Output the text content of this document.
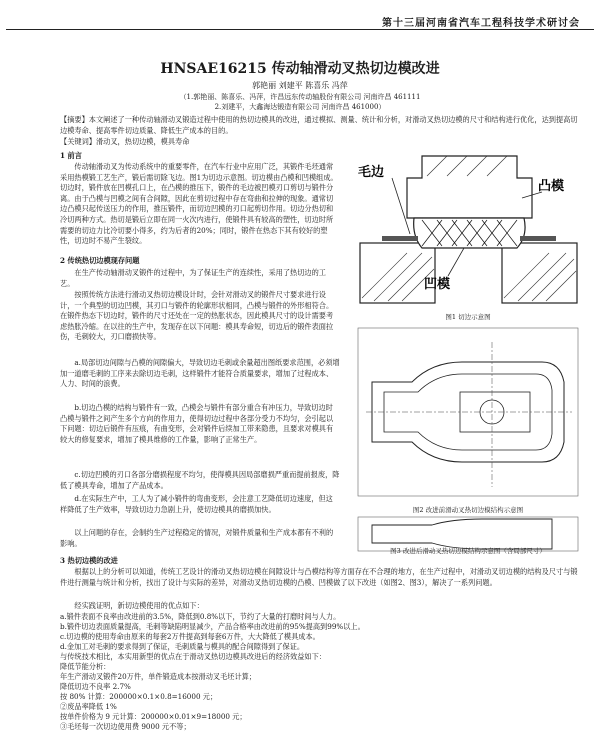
第十三届河南省汽车工程科技学术研讨会
HNSAE16215 传动轴滑动叉热切边模改进
郭艳丽 刘建平 陈喜乐 冯萍
（1.郭艳丽、陈喜乐、冯萍，许昌远东传动轴股份有限公司 河南许昌 461111
2.刘建平，大鑫海达锻造有限公司 河南许昌 461000）
【摘要】本文阐述了一种传动轴滑动叉锻造过程中使用的热切边模具的改进，通过模拟、测量、统计和分析，对滑动叉热切边模的尺寸和结构进行优化，达到提高切边模寿命、提高零件切边质量、降低生产成本的目的。
【关键词】滑动叉，热切边模，模具寿命
1 前言

传动轴滑动叉为传动系统中的重要零件，在汽车行业中应用广泛，其锻件毛坯通常采用热模锻工艺生产，锻后需切除飞边。图1为切边示意图。切边模由凸模和凹模组成。切边时，锻件放在凹模孔口上，在凸模的推压下，锻件的毛边被凹模刃口剪切与锻件分离。由于凸模与凹模之间有合间隙，因此在剪切过程中存在弯曲和拉伸的现象。通常切边凸模只起传送压力的作用，推压锻件，而切边凹模的刃口起剪切作用。切边分热切和冷切两种方式。热切是锻后立即在同一火次内进行，使锻件具有较高的塑性，切边时所需要的切边力比冷切要小得多，约为后者的20%；同时，锻件在热态下其有较好的塑性，切边时不易产生裂纹。

2 传统热切边模现存问题

在生产传动轴滑动叉锻件的过程中，为了保证生产的连续性，采用了热切边的工艺。

按照传统方法进行滑动叉热切边模设计时，会针对滑动叉的锻件尺寸要求进行设计，一个典型的切边凹模，其刃口与锻件的轮廓形状相同，凸模与锻件的外形相符合。在锻件热态下切边时，锻件的尺寸还处在一定的热胀状态，因此模具尺寸的设计需要考虑热胀冷缩。在以往的生产中，发现存在以下问题：模具寿命短，切边后的锻件表面拉伤，毛刺较大，刃口磨损快等。

a.局部切边间隙与凸模的间隙偏大，导致切边毛刺或余量超出图纸要求范围，必须增加一道磨毛刺的工序来去除切边毛刺，这样锻件才能符合质量要求，增加了过程成本、人力、时间的浪费。

b.切边凸模的结构与锻件有一致，凸模会与锻件有部分重合有冲压力，导致切边时凸模与锻件之间产生多个方向的作用力，使得切边过程中各部分受力不均匀，会引起以下问题：切边后锻件有压痕，有曲变形，会对锻件后续加工带来隐患，且要求对模具有较大的修复要求，增加了模具维修的工作量，影响了正常生产。

c.切边凹模的刃口各部分磨损程度不均匀，使得模具因局部磨损严重而提前报废，降低了模具寿命，增加了产品成本。

d.在实际生产中，工人为了减小锻件的弯曲变形，会注意工艺降低切边速度，但这样降低了生产效率，导致切边力急剧上升，使切边模具的磨损加快。

以上问题的存在，会制约生产过程稳定的情况，对锻件质量和生产成本都有不利的影响。

3 热切边模的改进

根据以上的分析可以知道，传统工艺设计的滑动叉热切边模在间隙设计与凸模结构等方面存在不合理的地方，在生产过程中，对滑动叉切边模的结构及尺寸与锻件进行测量与统计和分析，找出了设计与实际的差异，对滑动叉热切边模的凸模、凹模做了以下改进（如图2、图3），解决了一系列问题。

经实践证明，新切边模使用的优点如下：

a.锻件表面不良率由改进前的3.5%，降低到0.8%以下，节约了大量的打磨时间与人力。
b.锻件切边表面质量提高，毛刺等缺陷明显减少，产品合格率由改进前的95%提高到99%以上。
c.切边模的使用寿命由原来的每套2万件提高到每套6万件，大大降低了模具成本。
d.金加工对毛刺的要求得到了保证，毛刺质量与模具的配合间隙得到了保证。
与传统技术相比，本实用新型的优点在于滑动叉热切边模具改进后的经济效益如下：
降低节能分析：
年生产滑动叉锻件20万件，单件锻造成本按滑动叉毛坯计算；
降低切边不良率 2.7%
按 80% 计算：200000×0.1×0.8=16000 元；
②废品率降低 1%
按单件价格为 9 元计算：200000×0.01×9=18000 元；
③毛坯每一次切边使用费 9000 元不等；
毛边
凸模
凹模
图1 切边示意图
图2 改进前滑动叉热切边模结构示意图
图3 改进后滑动叉热切边模结构示意图（含局部尺寸）
